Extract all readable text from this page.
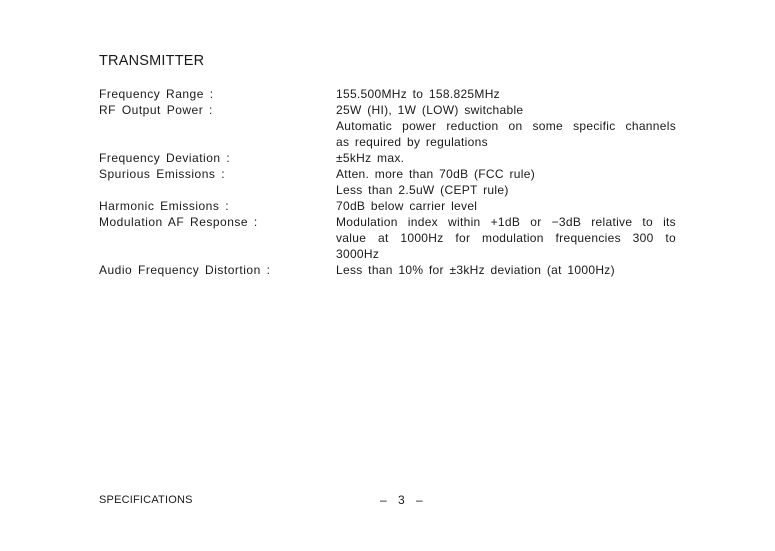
TRANSMITTER
Frequency Range :	155.500MHz to 158.825MHz
RF Output Power :	25W (HI), 1W (LOW) switchable
Automatic power reduction on some specific channels
as required by regulations
Frequency Deviation :	±5kHz max.
Spurious Emissions :	Atten. more than 70dB (FCC rule)
Less than 2.5uW (CEPT rule)
Harmonic Emissions :	70dB below carrier level
Modulation AF Response :	Modulation index within +1dB or −3dB relative to its
value at 1000Hz for modulation frequencies 300 to
3000Hz
Audio Frequency Distortion :	Less than 10% for ±3kHz deviation (at 1000Hz)
SPECIFICATIONS	– 3 –
